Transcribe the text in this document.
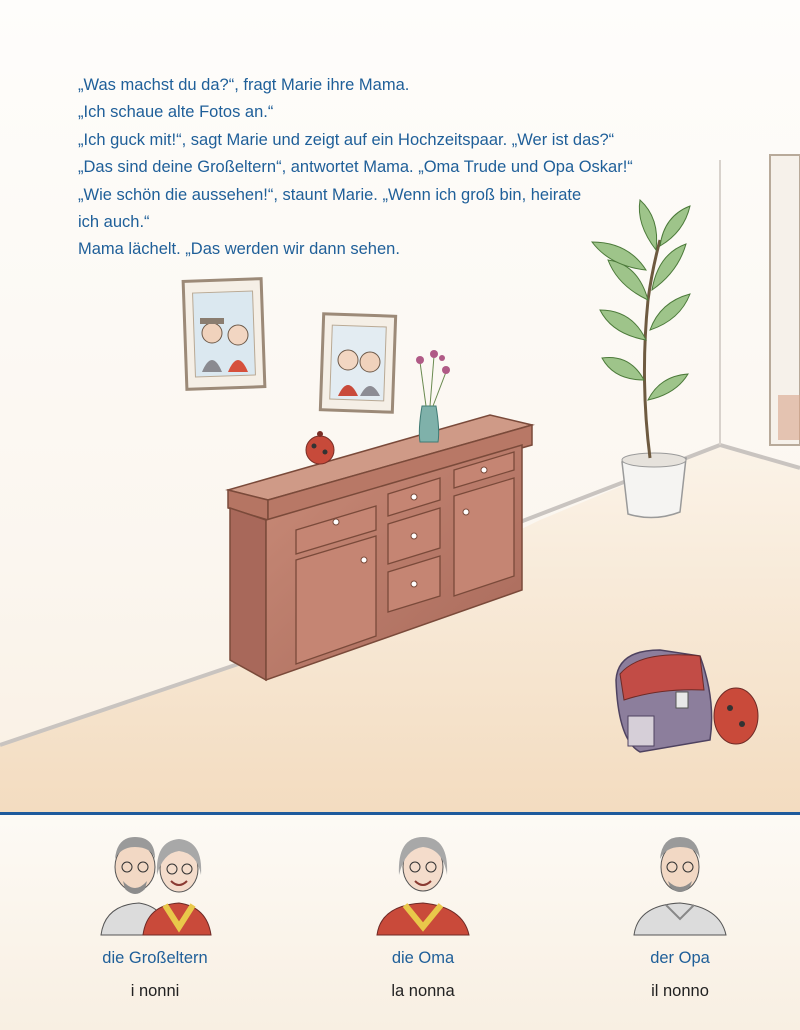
„Was machst du da?“, fragt Marie ihre Mama.
„Ich schaue alte Fotos an.“
„Ich guck mit!“, sagt Marie und zeigt auf ein Hochzeitspaar. „Wer ist das?“
„Das sind deine Großeltern“, antwortet Mama. „Oma Trude und Opa Oskar!“
„Wie schön die aussehen!“, staunt Marie. „Wenn ich groß bin, heirate
ich auch.“
Mama lächelt. „Das werden wir dann sehen.
die Großeltern
i nonni
die Oma
la nonna
der Opa
il nonno
